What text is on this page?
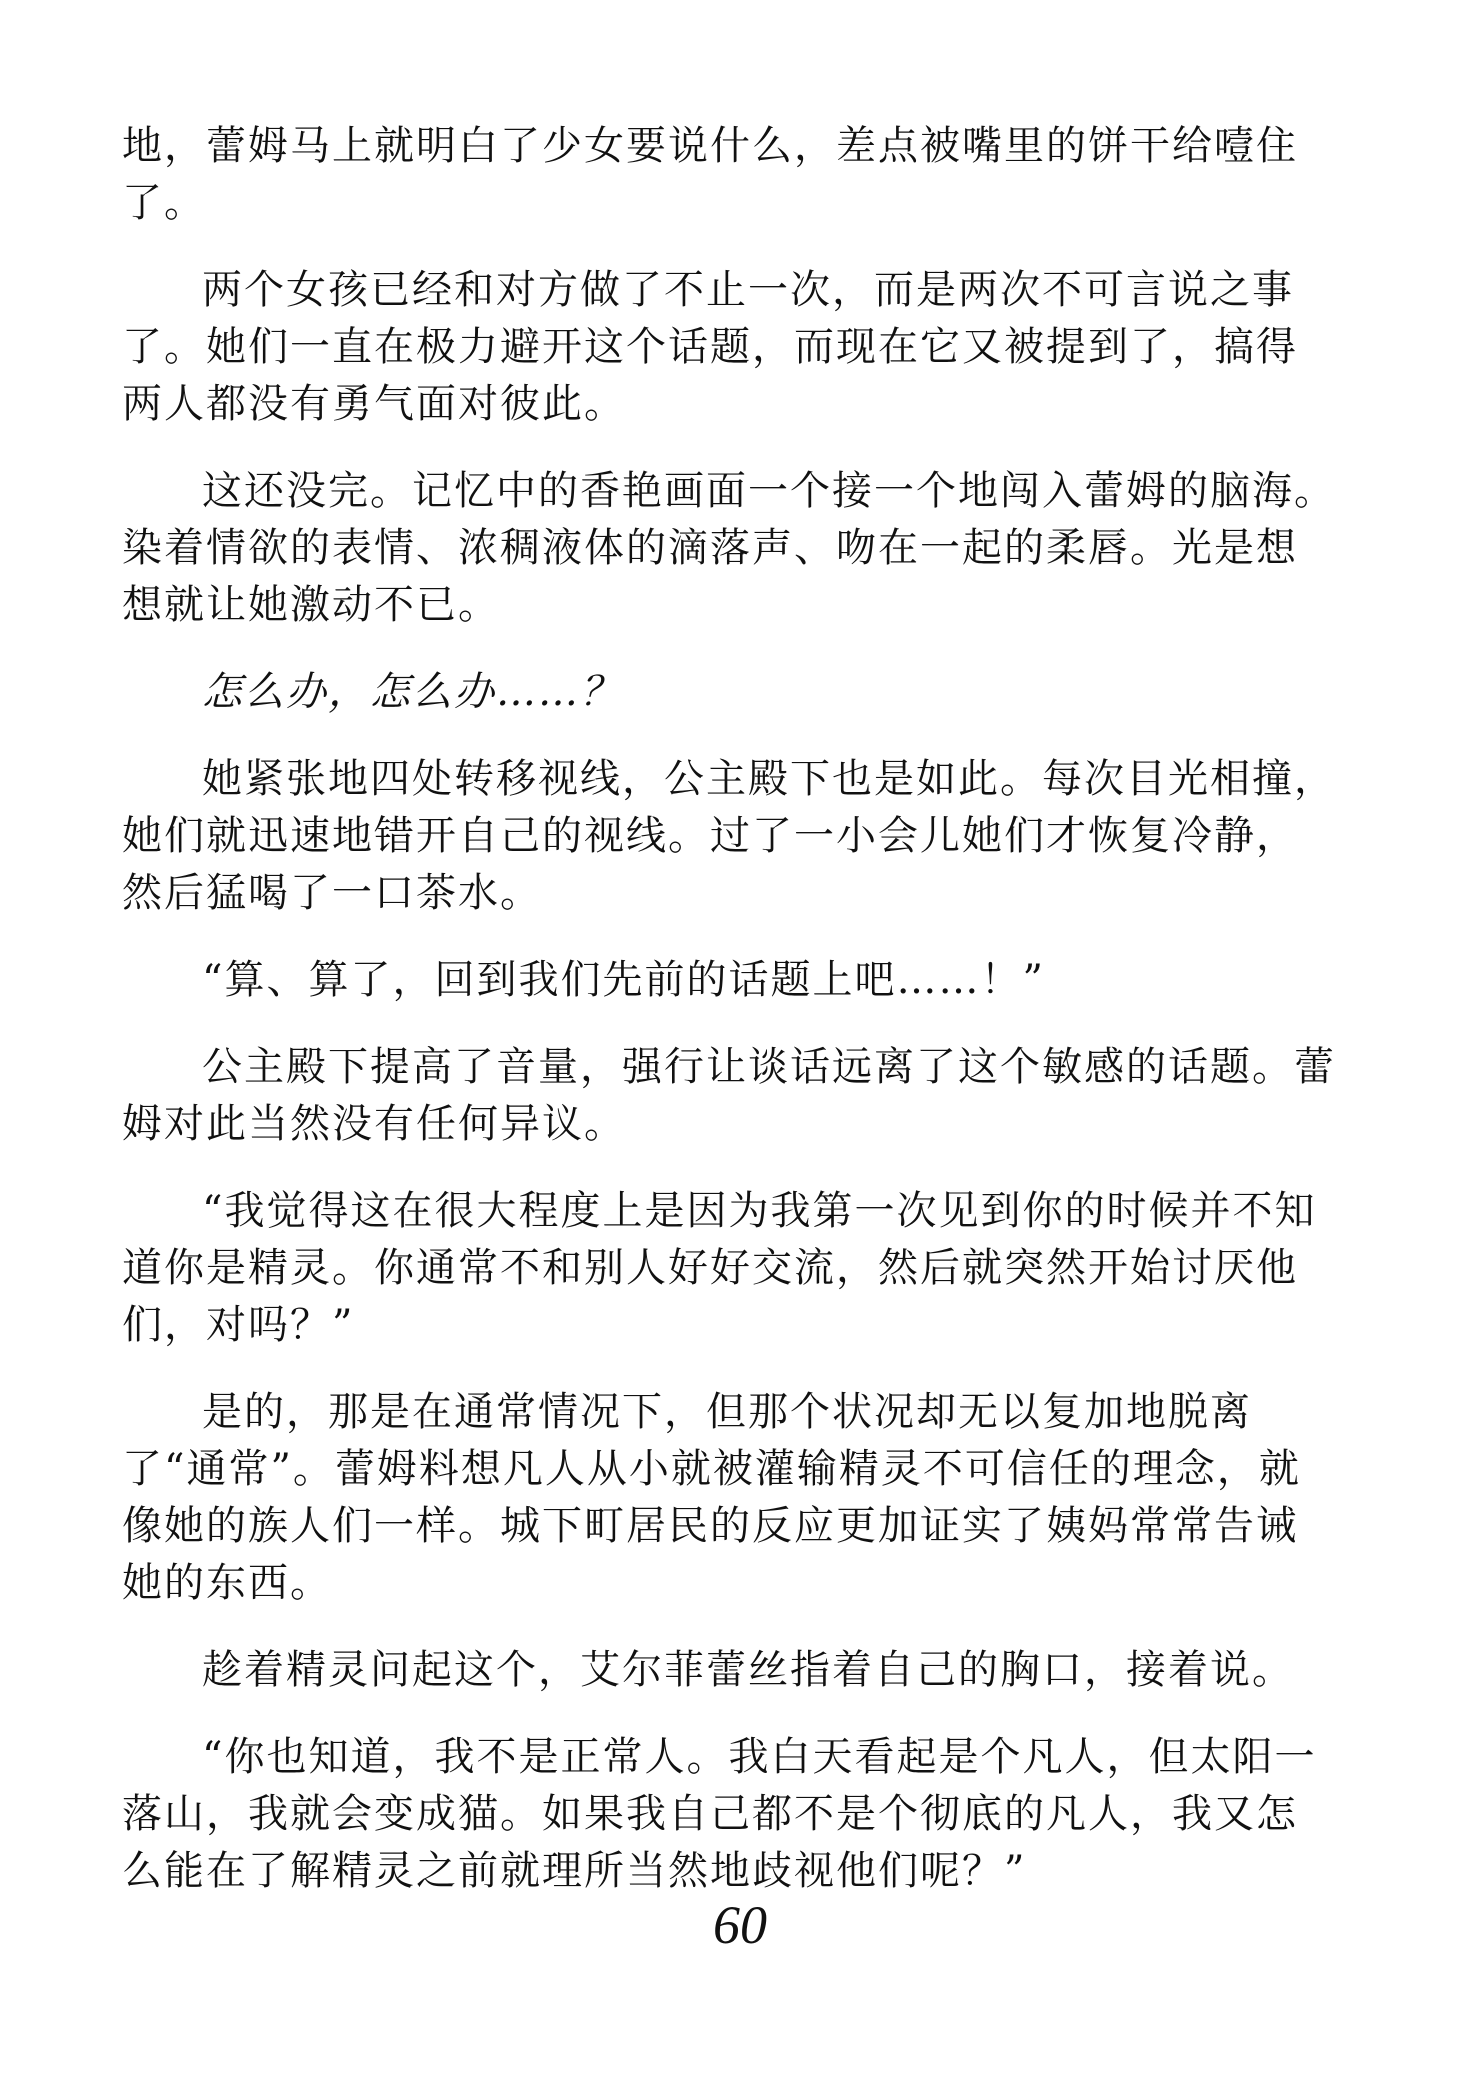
地，蕾姆马上就明白了少女要说什么，差点被嘴里的饼干给噎住了。

两个女孩已经和对方做了不止一次，而是两次不可言说之事了。她们一直在极力避开这个话题，而现在它又被提到了，搞得两人都没有勇气面对彼此。

这还没完。记忆中的香艳画面一个接一个地闯入蕾姆的脑海。染着情欲的表情、浓稠液体的滴落声、吻在一起的柔唇。光是想想就让她激动不已。

怎么办，怎么办……？

她紧张地四处转移视线，公主殿下也是如此。每次目光相撞，她们就迅速地错开自己的视线。过了一小会儿她们才恢复冷静，然后猛喝了一口茶水。

“算、算了，回到我们先前的话题上吧……！”

公主殿下提高了音量，强行让谈话远离了这个敏感的话题。蕾姆对此当然没有任何异议。

“我觉得这在很大程度上是因为我第一次见到你的时候并不知道你是精灵。你通常不和别人好好交流，然后就突然开始讨厌他们，对吗？”

是的，那是在通常情况下，但那个状况却无以复加地脱离了“通常”。蕾姆料想凡人从小就被灌输精灵不可信任的理念，就像她的族人们一样。城下町居民的反应更加证实了姨妈常常告诫她的东西。

趁着精灵问起这个，艾尔菲蕾丝指着自己的胸口，接着说。

“你也知道，我不是正常人。我白天看起是个凡人，但太阳一落山，我就会变成猫。如果我自己都不是个彻底的凡人，我又怎么能在了解精灵之前就理所当然地歧视他们呢？”

60
